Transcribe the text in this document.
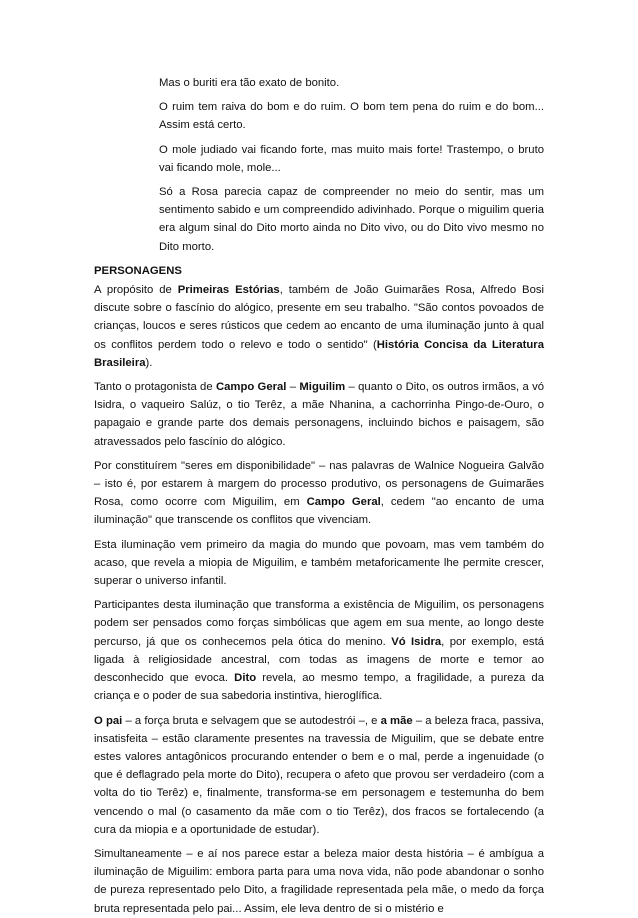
Mas o buriti era tão exato de bonito.

O ruim tem raiva do bom e do ruim. O bom tem pena do ruim e do bom... Assim está certo.

O mole judiado vai ficando forte, mas muito mais forte! Trastempo, o bruto vai ficando mole, mole...

Só a Rosa parecia capaz de compreender no meio do sentir, mas um sentimento sabido e um compreendido adivinhado. Porque o miguilim queria era algum sinal do Dito morto ainda no Dito vivo, ou do Dito vivo mesmo no Dito morto.

PERSONAGENS

A propósito de Primeiras Estórias, também de João Guimarães Rosa, Alfredo Bosi discute sobre o fascínio do alógico, presente em seu trabalho. "São contos povoados de crianças, loucos e seres rústicos que cedem ao encanto de uma iluminação junto à qual os conflitos perdem todo o relevo e todo o sentido" (História Concisa da Literatura Brasileira).

Tanto o protagonista de Campo Geral – Miguilim – quanto o Dito, os outros irmãos, a vó Isidra, o vaqueiro Salúz, o tio Terêz, a mãe Nhanina, a cachorrinha Pingo-de-Ouro, o papagaio e grande parte dos demais personagens, incluindo bichos e paisagem, são atravessados pelo fascínio do alógico.

Por constituírem "seres em disponibilidade" – nas palavras de Walnice Nogueira Galvão – isto é, por estarem à margem do processo produtivo, os personagens de Guimarães Rosa, como ocorre com Miguilim, em Campo Geral, cedem "ao encanto de uma iluminação" que transcende os conflitos que vivenciam.

Esta iluminação vem primeiro da magia do mundo que povoam, mas vem também do acaso, que revela a miopia de Miguilim, e também metaforicamente lhe permite crescer, superar o universo infantil.

Participantes desta iluminação que transforma a existência de Miguilim, os personagens podem ser pensados como forças simbólicas que agem em sua mente, ao longo deste percurso, já que os conhecemos pela ótica do menino. Vó Isidra, por exemplo, está ligada à religiosidade ancestral, com todas as imagens de morte e temor ao desconhecido que evoca. Dito revela, ao mesmo tempo, a fragilidade, a pureza da criança e o poder de sua sabedoria instintiva, hieroglífica.

O pai – a força bruta e selvagem que se autodestrói –, e a mãe – a beleza fraca, passiva, insatisfeita – estão claramente presentes na travessia de Miguilim, que se debate entre estes valores antagônicos procurando entender o bem e o mal, perde a ingenuidade (o que é deflagrado pela morte do Dito), recupera o afeto que provou ser verdadeiro (com a volta do tio Terêz) e, finalmente, transforma-se em personagem e testemunha do bem vencendo o mal (o casamento da mãe com o tio Terêz), dos fracos se fortalecendo (a cura da miopia e a oportunidade de estudar).

Simultaneamente – e aí nos parece estar a beleza maior desta história – é ambígua a iluminação de Miguilim: embora parta para uma nova vida, não pode abandonar o sonho de pureza representado pelo Dito, a fragilidade representada pela mãe, o medo da força bruta representada pelo pai... Assim, ele leva dentro de si o mistério e
